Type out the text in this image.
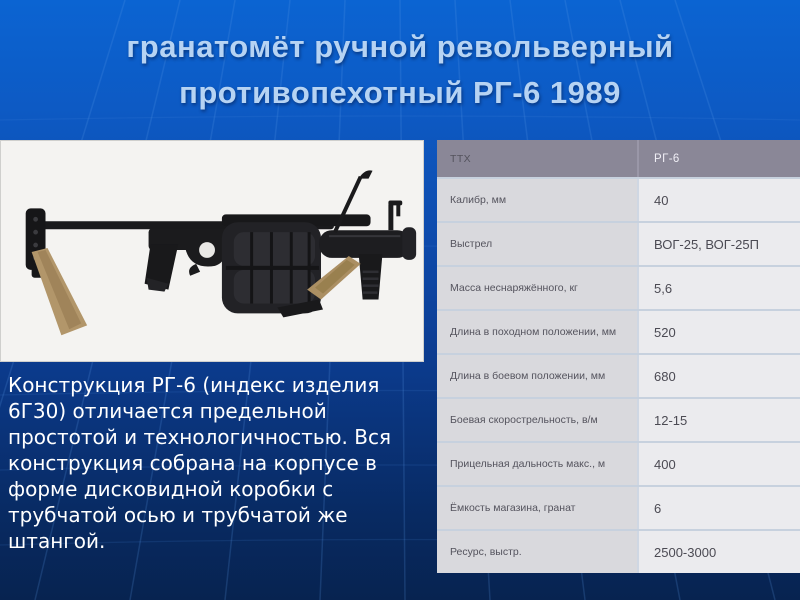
гранатомёт ручной револьверный
противопехотный РГ-6 1989
Конструкция РГ-6 (индекс изделия 6Г30) отличается предельной простотой и технологичностью. Вся конструкция собрана на корпусе в форме дисковидной коробки с трубчатой осью и трубчатой же штангой.
ТТХ	РГ-6
Калибр, мм	40
Выстрел	ВОГ-25, ВОГ-25П
Масса неснаряжённого, кг	5,6
Длина в походном положении, мм	520
Длина в боевом положении, мм	680
Боевая скорострельность, в/м	12-15
Прицельная дальность макс., м	400
Ёмкость магазина, гранат	6
Ресурс, выстр.	2500-3000
